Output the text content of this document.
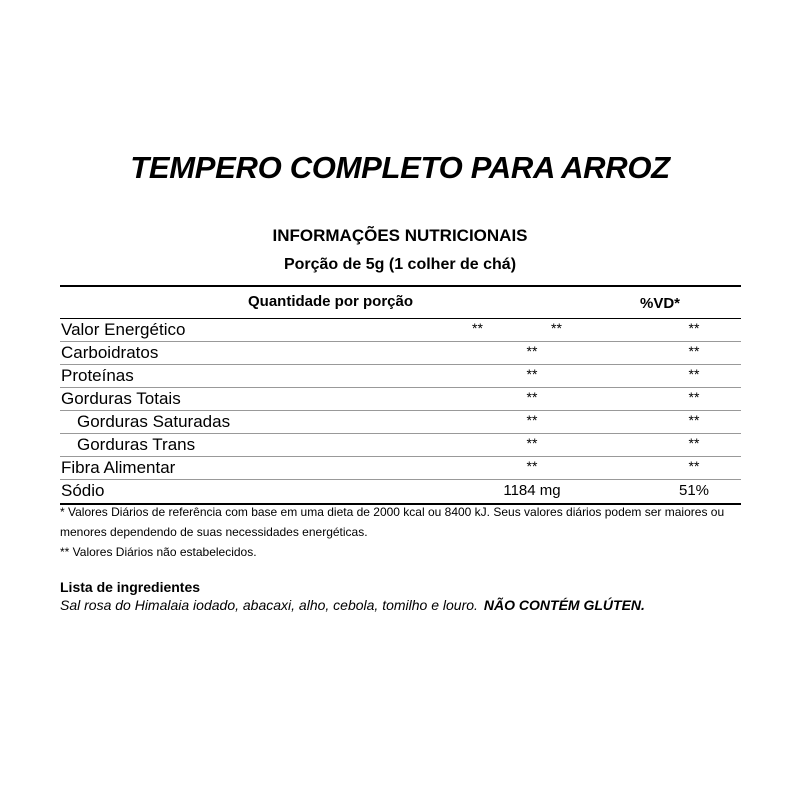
TEMPERO COMPLETO PARA ARROZ
INFORMAÇÕES NUTRICIONAIS
Porção de 5g (1 colher de chá)
Quantidade por porção	%VD*
Valor Energético	**	**	**
Carboidratos	**	**
Proteínas	**	**
Gorduras Totais	**	**
Gorduras Saturadas	**	**
Gorduras Trans	**	**
Fibra Alimentar	**	**
Sódio	1184 mg	51%
* Valores Diários de referência com base em uma dieta de 2000 kcal ou 8400 kJ. Seus valores diários podem ser maiores ou menores dependendo de suas necessidades energéticas.
** Valores Diários não estabelecidos.
Lista de ingredientes
Sal rosa do Himalaia iodado, abacaxi, alho, cebola, tomilho e louro. NÃO CONTÉM GLÚTEN.
